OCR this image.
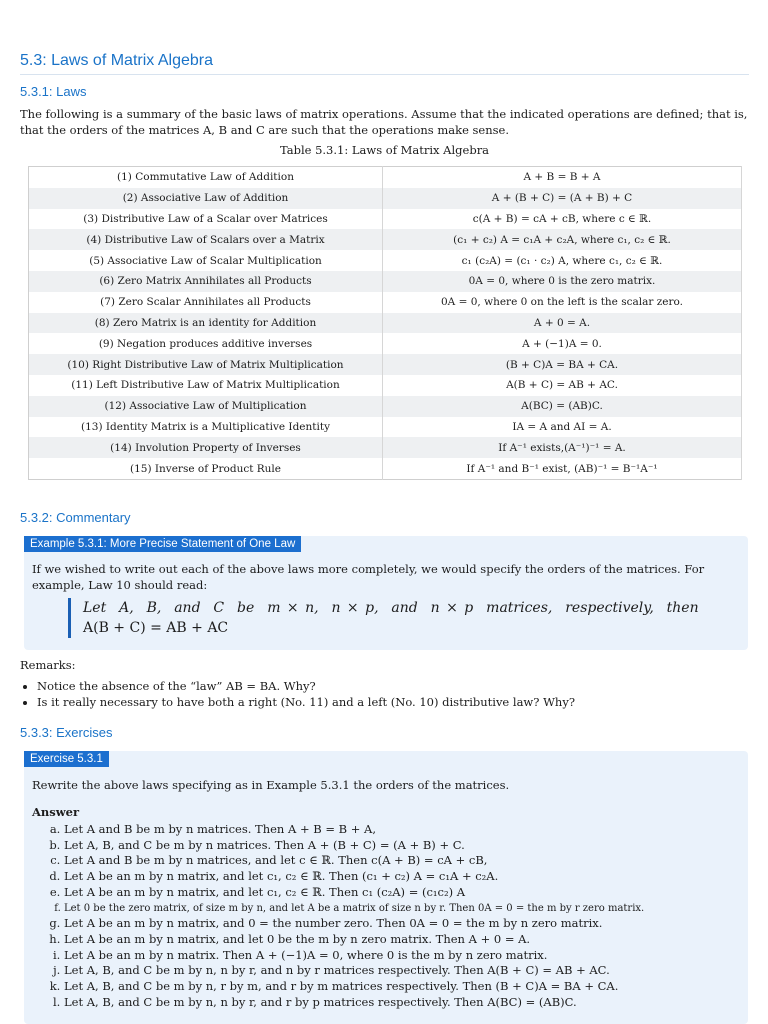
5.3: Laws of Matrix Algebra
5.3.1: Laws
The following is a summary of the basic laws of matrix operations. Assume that the indicated operations are defined; that is, that the orders of the matrices A, B and C are such that the operations make sense.
Table 5.3.1: Laws of Matrix Algebra
(1) Commutative Law of Addition	A + B = B + A
(2) Associative Law of Addition	A + (B + C) = (A + B) + C
(3) Distributive Law of a Scalar over Matrices	c(A + B) = cA + cB, where c ∈ ℝ.
(4) Distributive Law of Scalars over a Matrix	(c₁ + c₂) A = c₁A + c₂A, where c₁, c₂ ∈ ℝ.
(5) Associative Law of Scalar Multiplication	c₁ (c₂A) = (c₁ · c₂) A, where c₁, c₂ ∈ ℝ.
(6) Zero Matrix Annihilates all Products	0A = 0, where 0 is the zero matrix.
(7) Zero Scalar Annihilates all Products	0A = 0, where 0 on the left is the scalar zero.
(8) Zero Matrix is an identity for Addition	A + 0 = A.
(9) Negation produces additive inverses	A + (−1)A = 0.
(10) Right Distributive Law of Matrix Multiplication	(B + C)A = BA + CA.
(11) Left Distributive Law of Matrix Multiplication	A(B + C) = AB + AC.
(12) Associative Law of Multiplication	A(BC) = (AB)C.
(13) Identity Matrix is a Multiplicative Identity	IA = A and AI = A.
(14) Involution Property of Inverses	If A⁻¹ exists,(A⁻¹)⁻¹ = A.
(15) Inverse of Product Rule	If A⁻¹ and B⁻¹ exist, (AB)⁻¹ = B⁻¹A⁻¹
5.3.2: Commentary
Example 5.3.1: More Precise Statement of One Law
If we wished to write out each of the above laws more completely, we would specify the orders of the matrices. For example, Law 10 should read:
Let  A,  B,  and  C  be  m × n,  n × p,  and  n × p  matrices,  respectively,  then
A(B + C) = AB + AC
Remarks:
• Notice the absence of the “law” AB = BA. Why?
• Is it really necessary to have both a right (No. 11) and a left (No. 10) distributive law? Why?
5.3.3: Exercises
Exercise 5.3.1
Rewrite the above laws specifying as in Example 5.3.1 the orders of the matrices.
Answer
a. Let A and B be m by n matrices. Then A + B = B + A,
b. Let A, B, and C be m by n matrices. Then A + (B + C) = (A + B) + C.
c. Let A and B be m by n matrices, and let c ∈ ℝ. Then c(A + B) = cA + cB,
d. Let A be an m by n matrix, and let c₁, c₂ ∈ ℝ. Then (c₁ + c₂) A = c₁A + c₂A.
e. Let A be an m by n matrix, and let c₁, c₂ ∈ ℝ. Then c₁ (c₂A) = (c₁c₂) A
f. Let 0 be the zero matrix, of size m by n, and let A be a matrix of size n by r. Then 0A = 0 = the m by r zero matrix.
g. Let A be an m by n matrix, and 0 = the number zero. Then 0A = 0 = the m by n zero matrix.
h. Let A be an m by n matrix, and let 0 be the m by n zero matrix. Then A + 0 = A.
i. Let A be an m by n matrix. Then A + (−1)A = 0, where 0 is the m by n zero matrix.
j. Let A, B, and C be m by n, n by r, and n by r matrices respectively. Then A(B + C) = AB + AC.
k. Let A, B, and C be m by n, r by m, and r by m matrices respectively. Then (B + C)A = BA + CA.
l. Let A, B, and C be m by n, n by r, and r by p matrices respectively. Then A(BC) = (AB)C.
